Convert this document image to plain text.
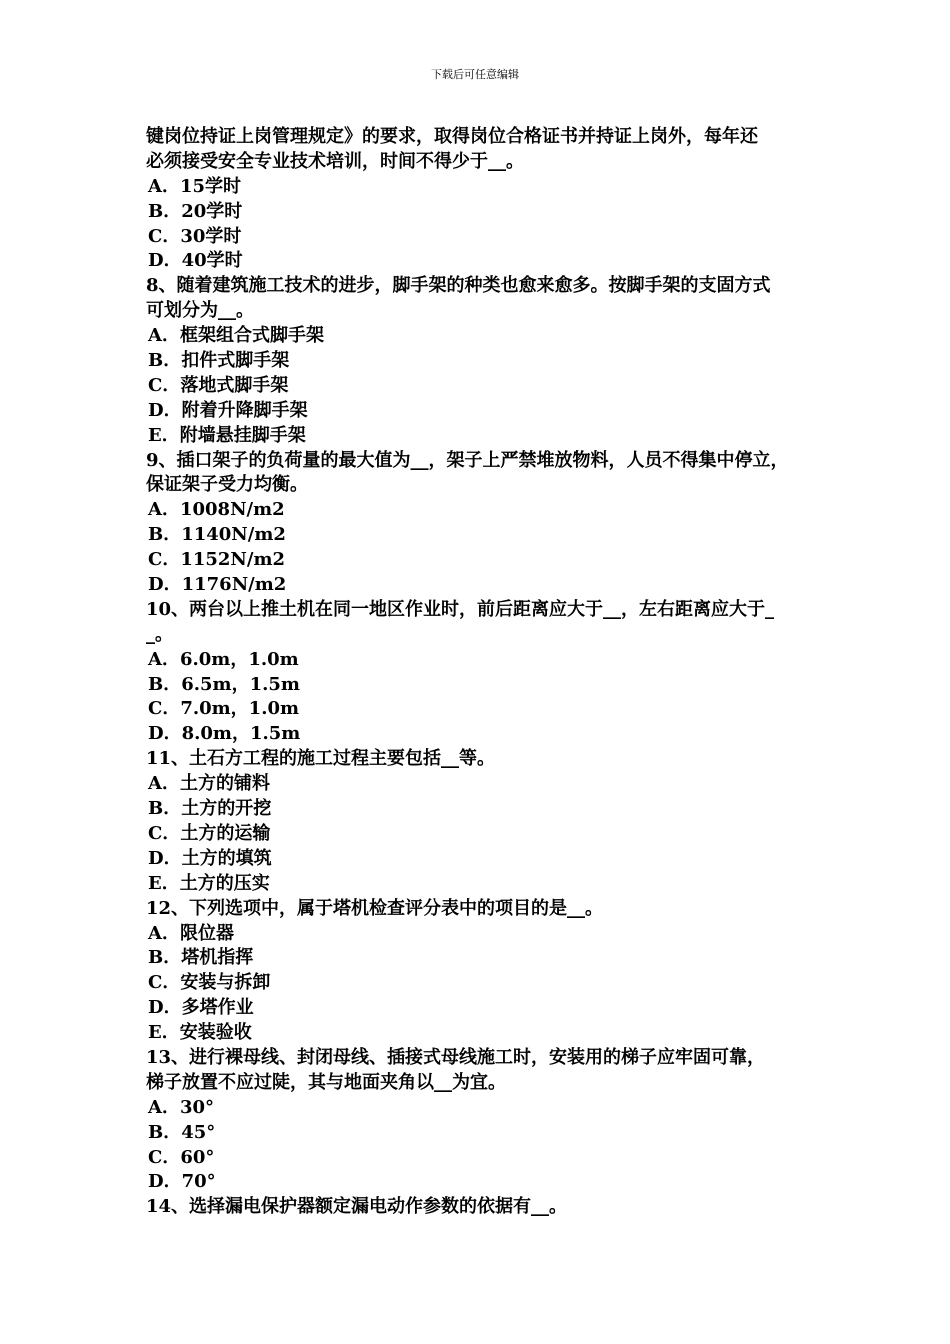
下载后可任意编辑
键岗位持证上岗管理规定》的要求，取得岗位合格证书并持证上岗外，每年还
必须接受安全专业技术培训，时间不得少于__。
A．15学时
B．20学时
C．30学时
D．40学时
8、随着建筑施工技术的进步，脚手架的种类也愈来愈多。按脚手架的支固方式
可划分为__。
A．框架组合式脚手架
B．扣件式脚手架
C．落地式脚手架
D．附着升降脚手架
E．附墙悬挂脚手架
9、插口架子的负荷量的最大值为__，架子上严禁堆放物料，人员不得集中停立，
保证架子受力均衡。
A．1008N/m2
B．1140N/m2
C．1152N/m2
D．1176N/m2
10、两台以上推土机在同一地区作业时，前后距离应大于__，左右距离应大于_
_。
A．6.0m，1.0m
B．6.5m，1.5m
C．7.0m，1.0m
D．8.0m，1.5m
11、土石方工程的施工过程主要包括__等。
A．土方的铺料
B．土方的开挖
C．土方的运输
D．土方的填筑
E．土方的压实
12、下列选项中，属于塔机检查评分表中的项目的是__。
A．限位器
B．塔机指挥
C．安装与拆卸
D．多塔作业
E．安装验收
13、进行裸母线、封闭母线、插接式母线施工时，安装用的梯子应牢固可靠，
梯子放置不应过陡，其与地面夹角以__为宜。
A．30°
B．45°
C．60°
D．70°
14、选择漏电保护器额定漏电动作参数的依据有__。
